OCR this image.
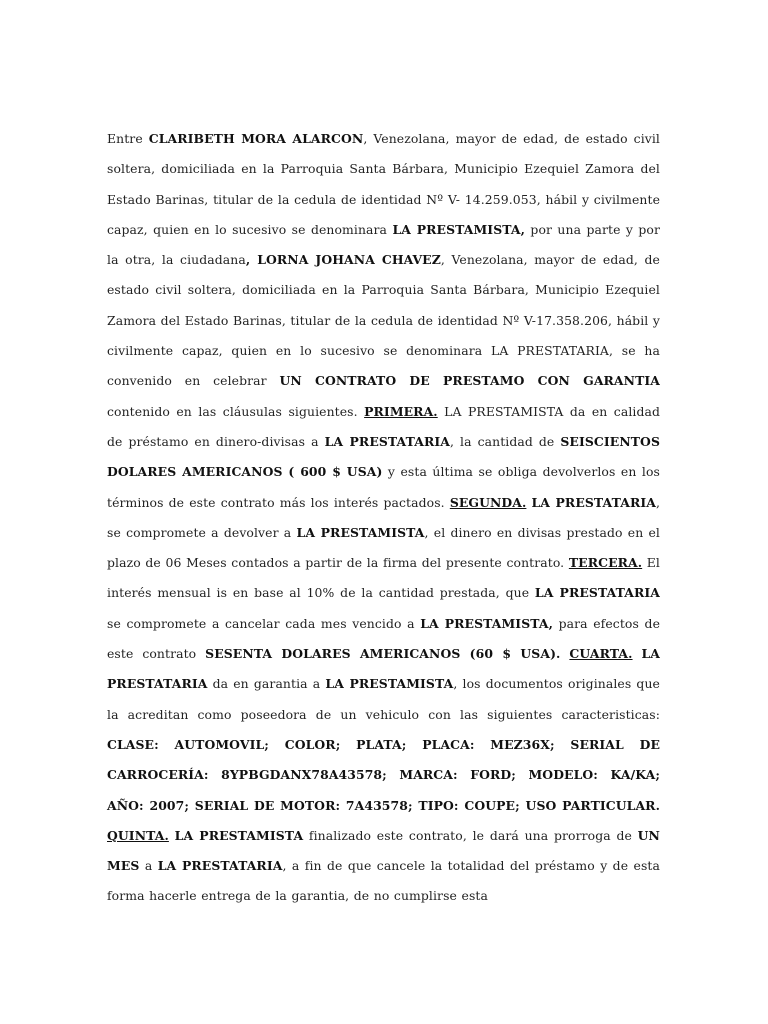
Entre CLARIBETH MORA ALARCON, Venezolana, mayor de edad, de estado civil soltera, domiciliada en la Parroquia Santa Bárbara, Municipio Ezequiel Zamora del Estado Barinas, titular de la cedula de identidad Nº V- 14.259.053, hábil y civilmente capaz, quien en lo sucesivo se denominara LA PRESTAMISTA, por una parte y por la otra, la ciudadana, LORNA JOHANA CHAVEZ, Venezolana, mayor de edad, de estado civil soltera, domiciliada en la Parroquia Santa Bárbara, Municipio Ezequiel Zamora del Estado Barinas, titular de la cedula de identidad Nº V-17.358.206, hábil y civilmente capaz, quien en lo sucesivo se denominara LA PRESTATARIA, se ha convenido en celebrar UN CONTRATO DE PRESTAMO CON GARANTIA contenido en las cláusulas siguientes. PRIMERA. LA PRESTAMISTA da en calidad de préstamo en dinero-divisas a LA PRESTATARIA, la cantidad de SEISCIENTOS DOLARES AMERICANOS ( 600 $ USA) y esta última se obliga devolverlos en los términos de este contrato más los interés pactados. SEGUNDA. LA PRESTATARIA, se compromete a devolver a LA PRESTAMISTA, el dinero en divisas prestado en el plazo de 06 Meses contados a partir de la firma del presente contrato. TERCERA. El interés mensual is en base al 10% de la cantidad prestada, que LA PRESTATARIA se compromete a cancelar cada mes vencido a LA PRESTAMISTA, para efectos de este contrato SESENTA DOLARES AMERICANOS (60 $ USA). CUARTA. LA PRESTATARIA da en garantia a LA PRESTAMISTA, los documentos originales que la acreditan como poseedora de un vehiculo con las siguientes caracteristicas: CLASE: AUTOMOVIL; COLOR; PLATA; PLACA: MEZ36X; SERIAL DE CARROCERÍA: 8YPBGDANX78A43578; MARCA: FORD; MODELO: KA/KA; AÑO: 2007; SERIAL DE MOTOR: 7A43578; TIPO: COUPE; USO PARTICULAR. QUINTA. LA PRESTAMISTA finalizado este contrato, le dará una prorroga de UN MES a LA PRESTATARIA, a fin de que cancele la totalidad del préstamo y de esta forma hacerle entrega de la garantia, de no cumplirse esta
